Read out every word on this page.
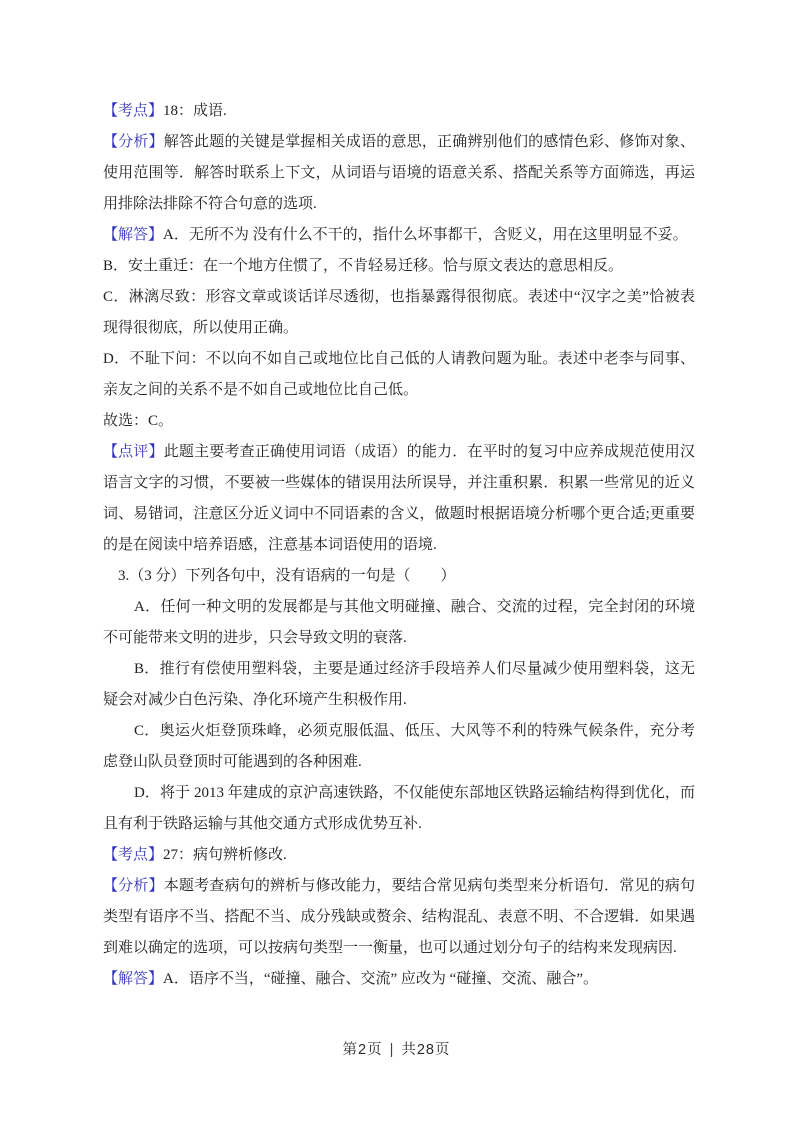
【考点】18：成语.

【分析】解答此题的关键是掌握相关成语的意思，正确辨别他们的感情色彩、修饰对象、使用范围等．解答时联系上下文，从词语与语境的语意关系、搭配关系等方面筛选，再运用排除法排除不符合句意的选项.

【解答】A．无所不为 没有什么不干的，指什么坏事都干，含贬义，用在这里明显不妥。

B．安土重迁：在一个地方住惯了，不肯轻易迁移。恰与原文表达的意思相反。

C．淋漓尽致：形容文章或谈话详尽透彻，也指暴露得很彻底。表述中“汉字之美”恰被表现得很彻底，所以使用正确。

D．不耻下问：不以向不如自己或地位比自己低的人请教问题为耻。表述中老李与同事、亲友之间的关系不是不如自己或地位比自己低。

故选：C。

【点评】此题主要考查正确使用词语（成语）的能力．在平时的复习中应养成规范使用汉语言文字的习惯，不要被一些媒体的错误用法所误导，并注重积累．积累一些常见的近义词、易错词，注意区分近义词中不同语素的含义，做题时根据语境分析哪个更合适;更重要的是在阅读中培养语感，注意基本词语使用的语境.

3.（3 分）下列各句中，没有语病的一句是（　　）

A．任何一种文明的发展都是与其他文明碰撞、融合、交流的过程，完全封闭的环境不可能带来文明的进步，只会导致文明的衰落.

B．推行有偿使用塑料袋，主要是通过经济手段培养人们尽量减少使用塑料袋，这无疑会对减少白色污染、净化环境产生积极作用.

C．奥运火炬登顶珠峰，必须克服低温、低压、大风等不利的特殊气候条件，充分考虑登山队员登顶时可能遇到的各种困难.

D．将于 2013 年建成的京沪高速铁路，不仅能使东部地区铁路运输结构得到优化，而且有利于铁路运输与其他交通方式形成优势互补.

【考点】27：病句辨析修改.

【分析】本题考查病句的辨析与修改能力，要结合常见病句类型来分析语句．常见的病句类型有语序不当、搭配不当、成分残缺或赘余、结构混乱、表意不明、不合逻辑．如果遇到难以确定的选项，可以按病句类型一一衡量，也可以通过划分句子的结构来发现病因.

【解答】A．语序不当，“碰撞、融合、交流” 应改为 “碰撞、交流、融合”。

第2页 | 共28页
